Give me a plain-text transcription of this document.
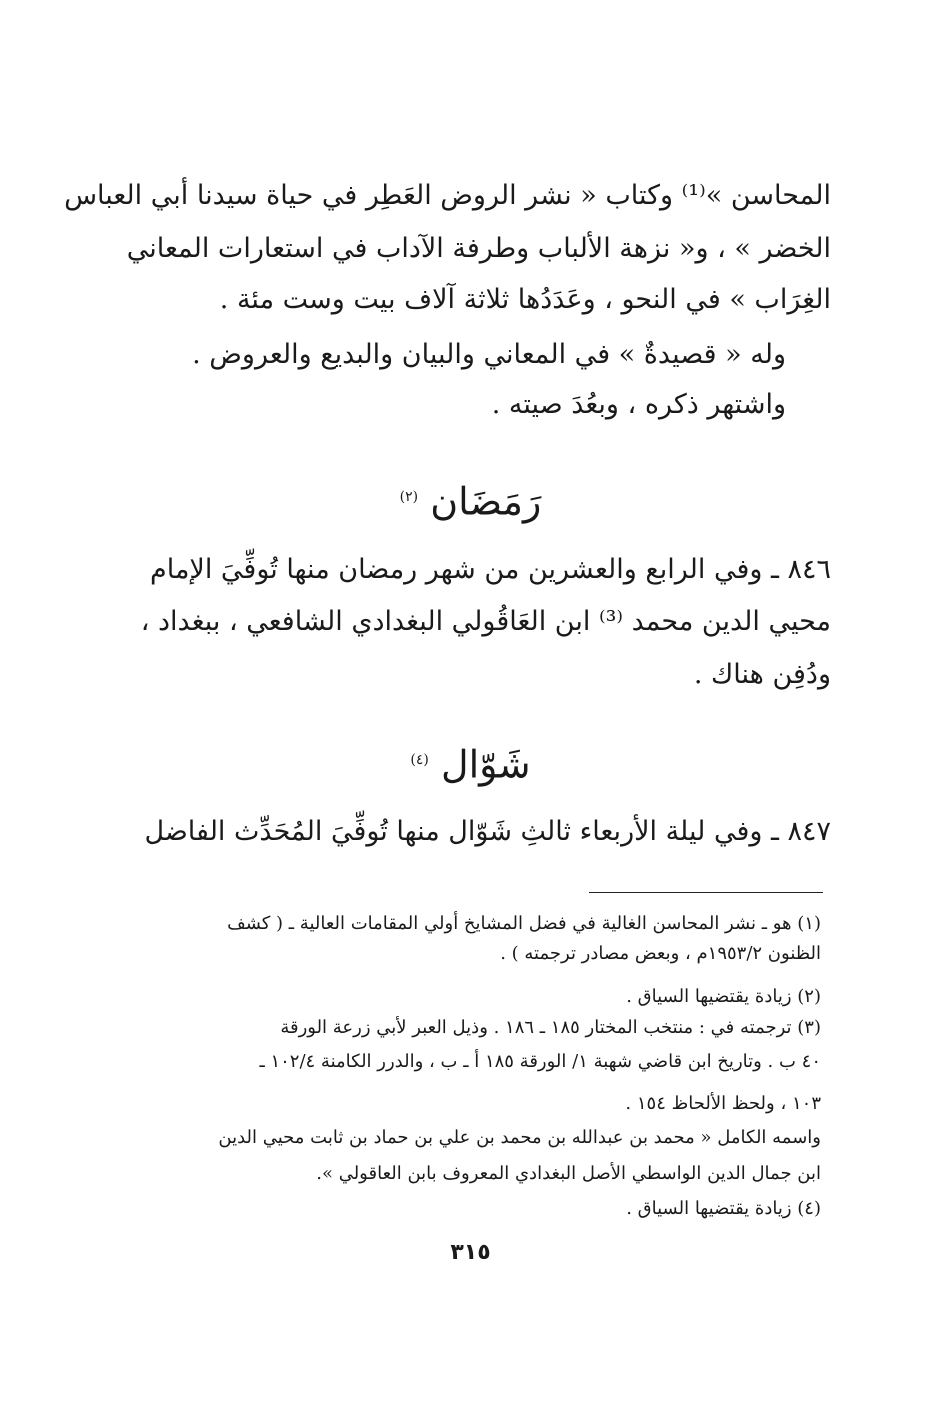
المحاسن »⁽¹⁾ وكتاب « نشر الروض العَطِر في حياة سيدنا أبي العباس
الخضر » ، و« نزهة الألباب وطرفة الآداب في استعارات المعاني
الغِرَاب » في النحو ، وعَدَدُها ثلاثة آلاف بيت وست مئة .
وله « قصيدةٌ » في المعاني والبيان والبديع والعروض .
واشتهر ذكره ، وبعُدَ صيته .
رَمَضَان $^{(٢)}$
٨٤٦ ـ وفي الرابع والعشرين من شهر رمضان منها تُوفِّيَ الإمام
محيي الدين محمد ⁽³⁾ ابن العَاقُولي البغدادي الشافعي ، ببغداد ،
ودُفِن هناك .
شَوّال $^{(٤)}$
٨٤٧ ـ وفي ليلة الأربعاء ثالثِ شَوّال منها تُوفِّيَ المُحَدِّث الفاضل
(١) هو ـ نشر المحاسن الغالية في فضل المشايخ أولي المقامات العالية ـ ( كشف
الظنون ١٩٥٣/٢م ، وبعض مصادر ترجمته ) .
(٢) زيادة يقتضيها السياق .
(٣) ترجمته في : منتخب المختار ١٨٥ ـ ١٨٦ . وذيل العبر لأبي زرعة الورقة
٤٠ ب . وتاريخ ابن قاضي شهبة ١/ الورقة ١٨٥ أ ـ ب ، والدرر الكامنة ١٠٢/٤ ـ
١٠٣ ، ولحظ الألحاظ ١٥٤ .
واسمه الكامل « محمد بن عبدالله بن محمد بن علي بن حماد بن ثابت محيي الدين
ابن جمال الدين الواسطي الأصل البغدادي المعروف بابن العاقولي ».
(٤) زيادة يقتضيها السياق .
٣١٥
